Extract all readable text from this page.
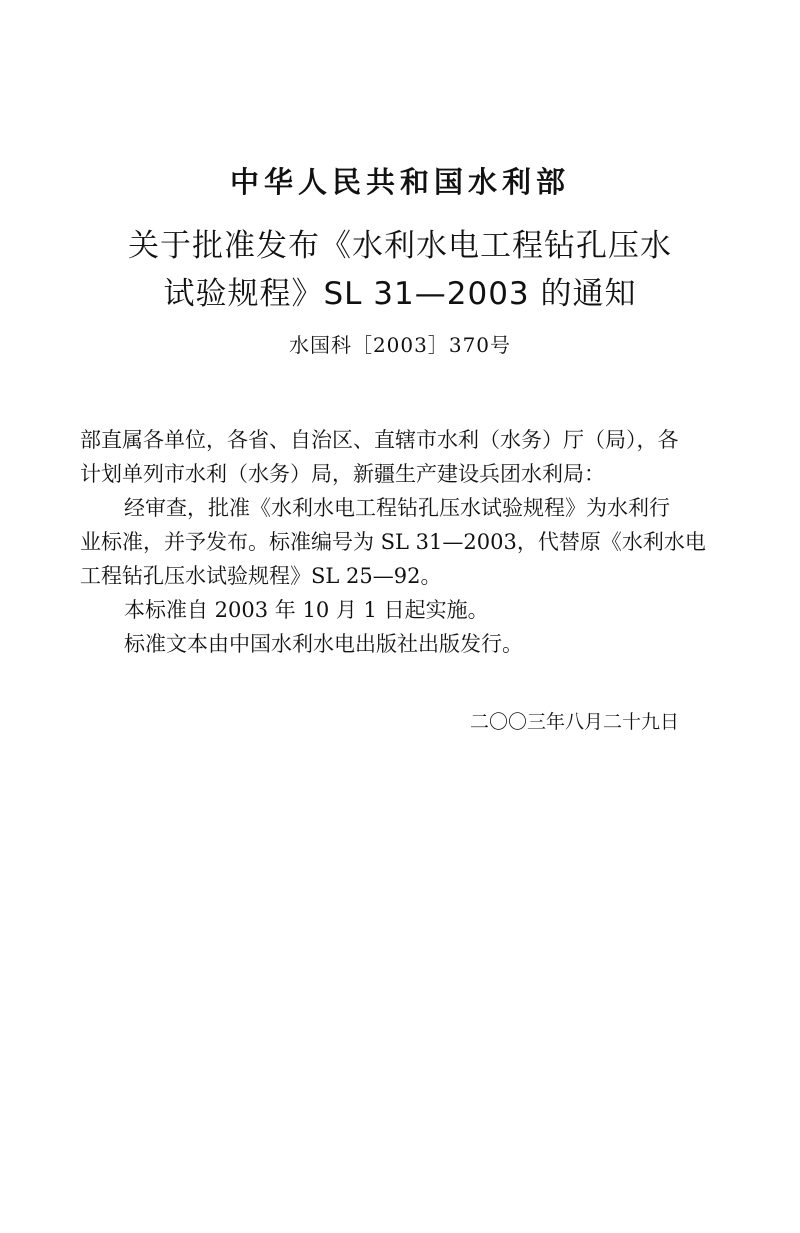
中华人民共和国水利部
关于批准发布《水利水电工程钻孔压水
试验规程》SL 31—2003 的通知
水国科［2003］370号

部直属各单位，各省、自治区、直辖市水利（水务）厅（局），各

计划单列市水利（水务）局，新疆生产建设兵团水利局：

经审查，批准《水利水电工程钻孔压水试验规程》为水利行

业标准，并予发布。标准编号为 SL 31—2003，代替原《水利水电

工程钻孔压水试验规程》SL 25—92。

本标准自 2003 年 10 月 1 日起实施。

标准文本由中国水利水电出版社出版发行。

二〇〇三年八月二十九日
